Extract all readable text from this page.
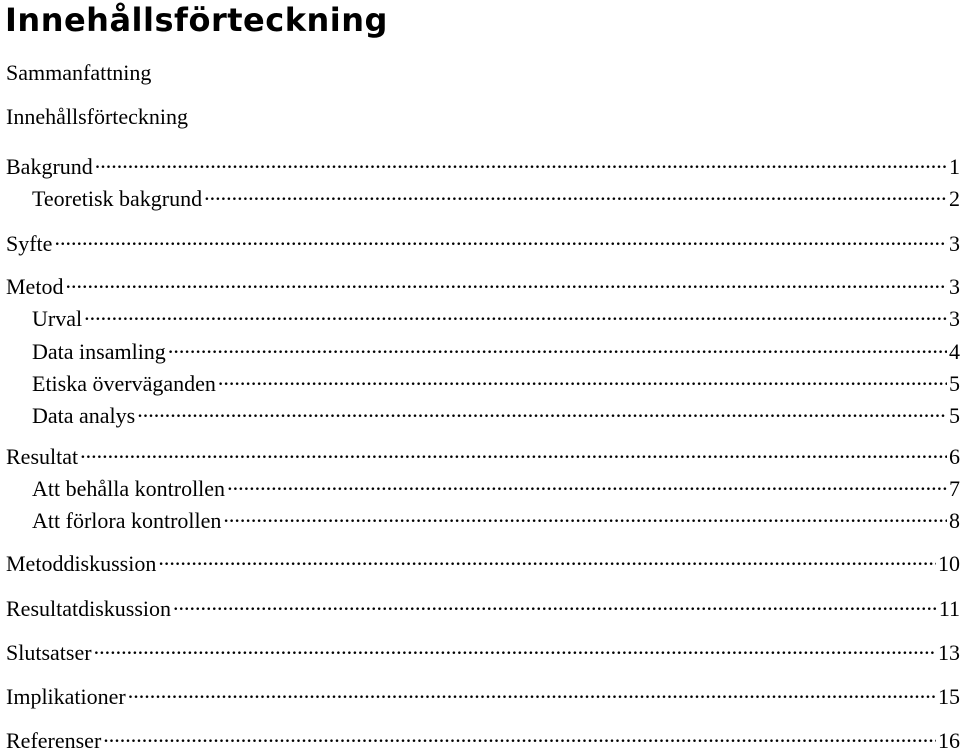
Innehållsförteckning
Sammanfattning
Innehållsförteckning
Bakgrund .....	1
Teoretisk bakgrund .....	2
Syfte .....	3
Metod .....	3
Urval .....	3
Data insamling .....	4
Etiska överväganden .....	5
Data analys .....	5
Resultat .....	6
Att behålla kontrollen .....	7
Att förlora kontrollen .....	8
Metoddiskussion .....	10
Resultatdiskussion .....	11
Slutsatser .....	13
Implikationer .....	15
Referenser .....	16
